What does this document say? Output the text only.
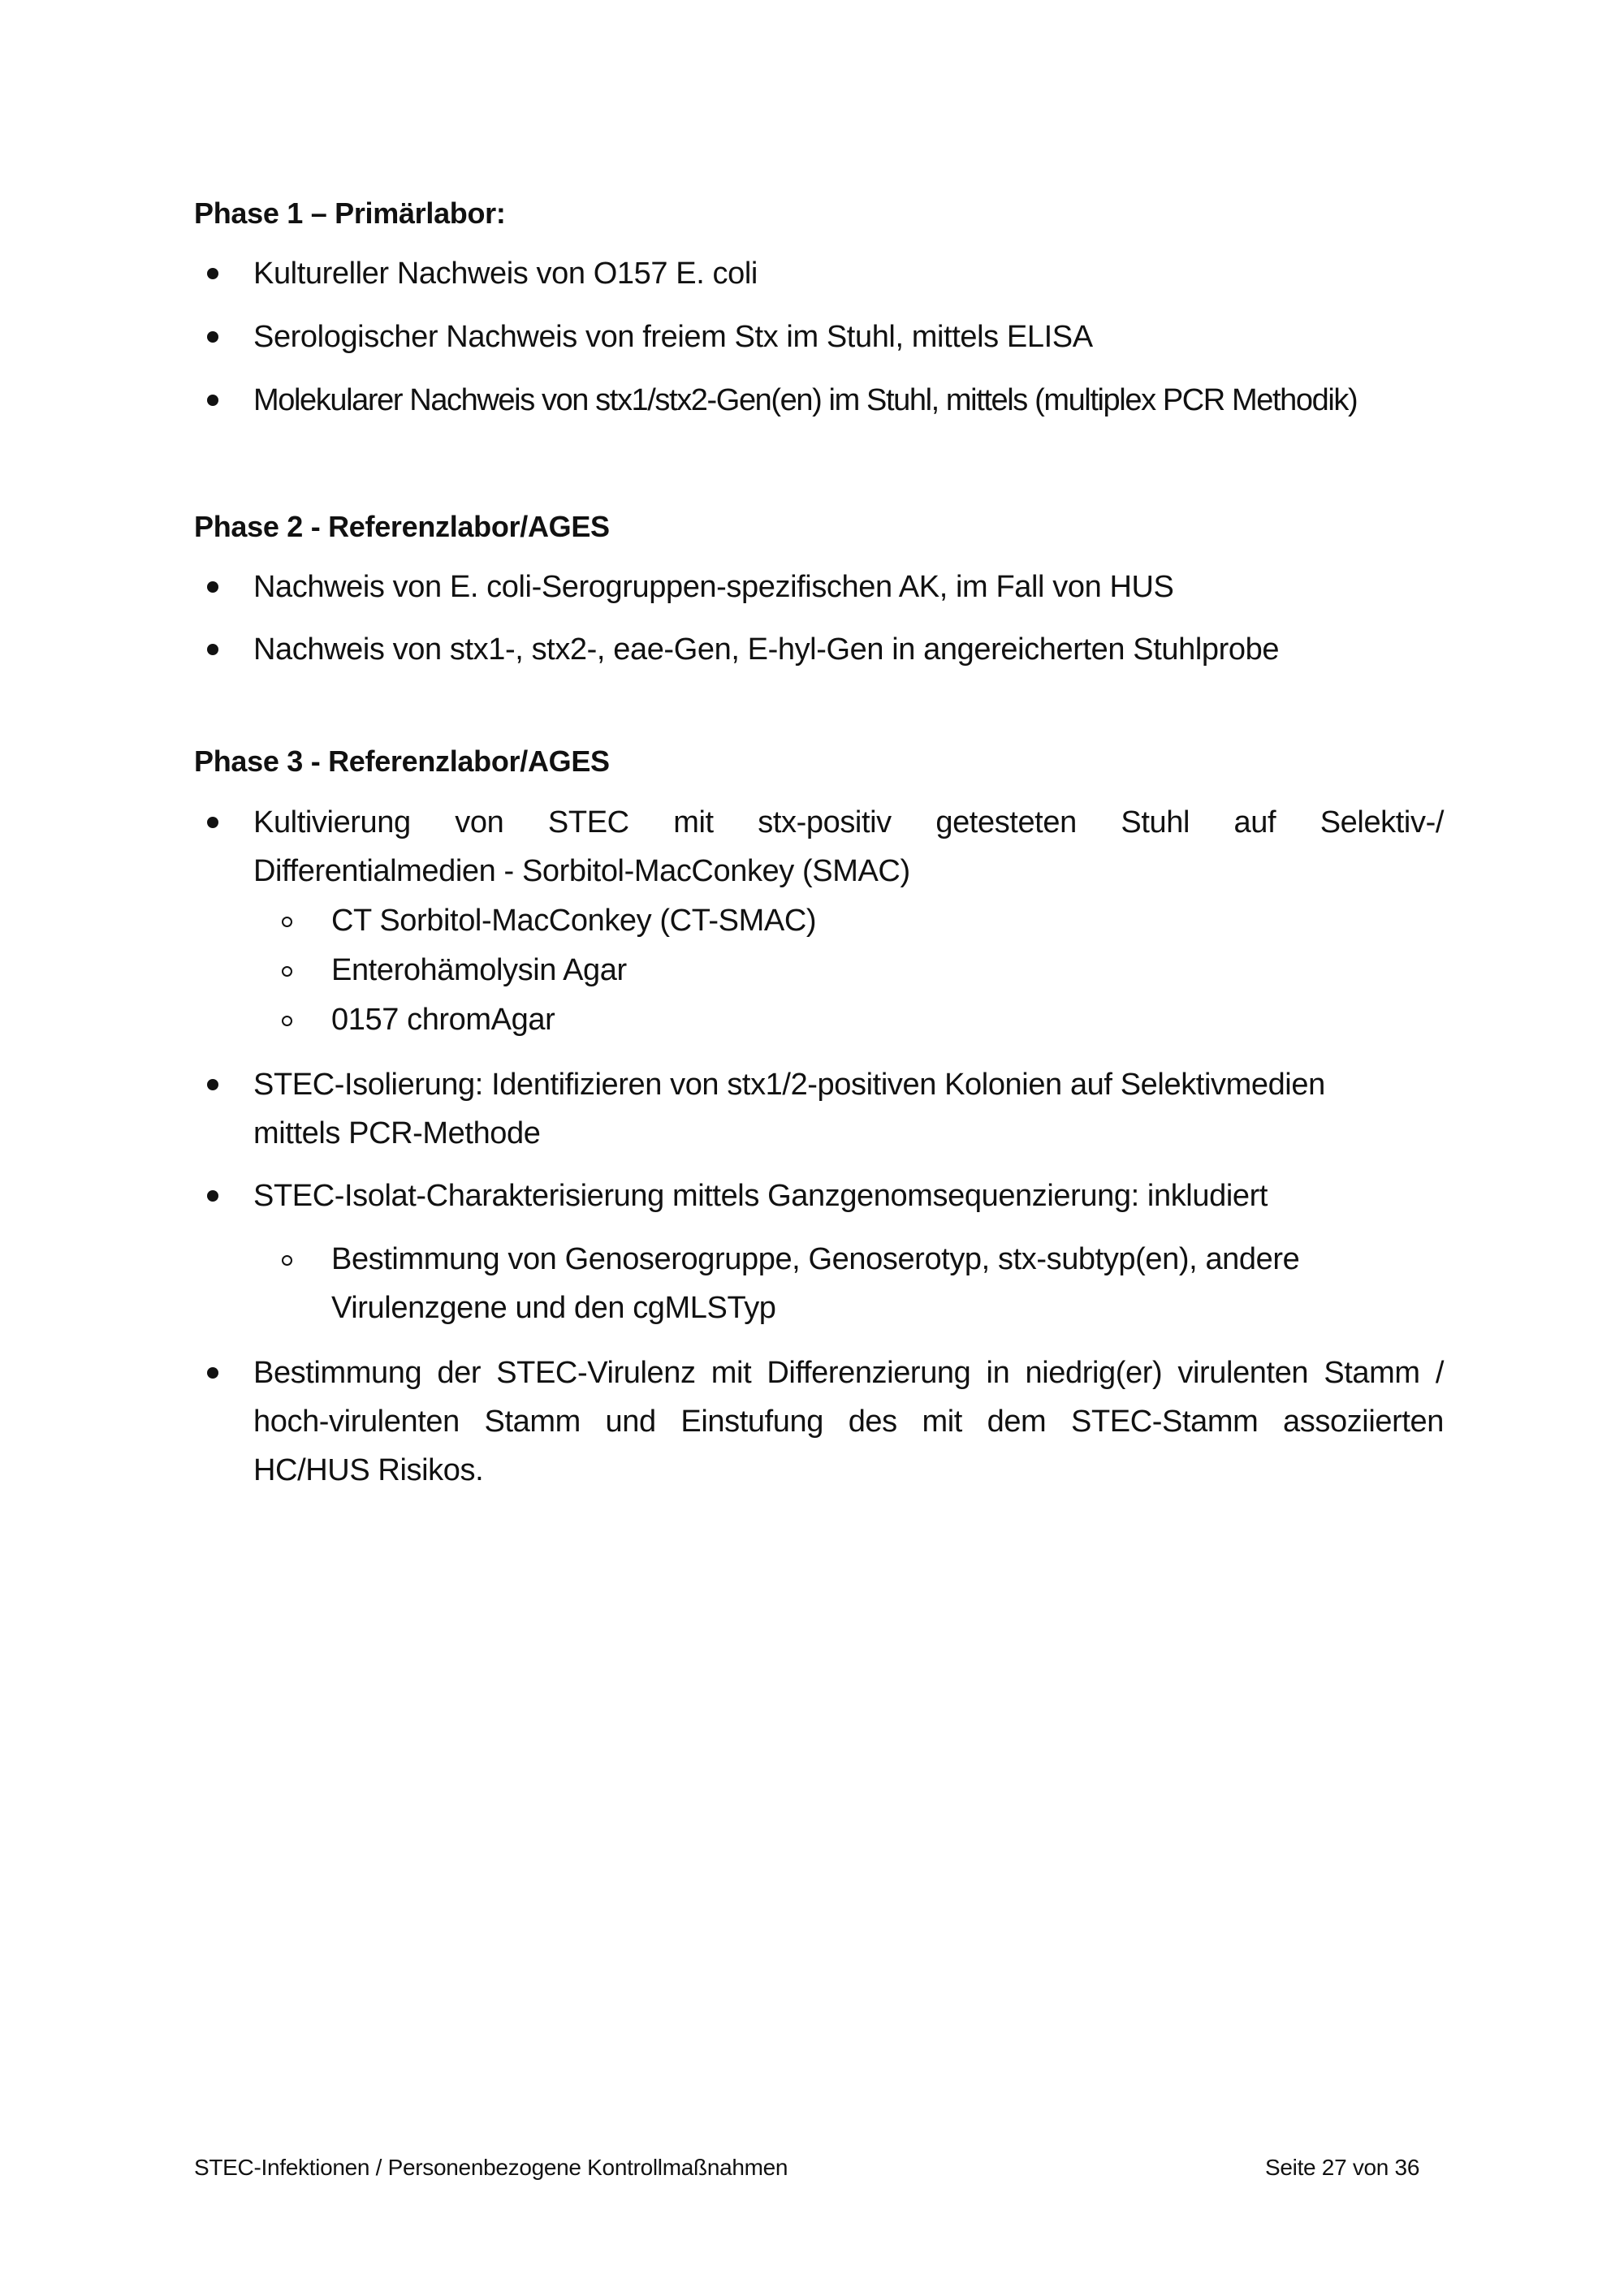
Phase 1 – Primärlabor:

Kultureller Nachweis von O157 E. coli

Serologischer Nachweis von freiem Stx im Stuhl, mittels ELISA

Molekularer Nachweis von stx1/stx2-Gen(en) im Stuhl, mittels (multiplex PCR Methodik)

Phase 2 - Referenzlabor/AGES

Nachweis von E. coli-Serogruppen-spezifischen AK, im Fall von HUS

Nachweis von stx1-, stx2-, eae-Gen, E-hyl-Gen in angereicherten Stuhlprobe

Phase 3 - Referenzlabor/AGES

Kultivierung von STEC mit stx-positiv getesteten Stuhl auf Selektiv-/

Differentialmedien - Sorbitol-MacConkey (SMAC)

CT Sorbitol-MacConkey (CT-SMAC)

Enterohämolysin Agar

0157 chromAgar

STEC-Isolierung: Identifizieren von stx1/2-positiven Kolonien auf Selektivmedien

mittels PCR-Methode

STEC-Isolat-Charakterisierung mittels Ganzgenomsequenzierung: inkludiert

Bestimmung von Genoserogruppe, Genoserotyp, stx-subtyp(en), andere

Virulenzgene und den cgMLSTyp

Bestimmung der STEC-Virulenz mit Differenzierung in niedrig(er) virulenten Stamm /

hoch-virulenten Stamm und Einstufung des mit dem STEC-Stamm assoziierten

HC/HUS Risikos.

STEC-Infektionen / Personenbezogene Kontrollmaßnahmen	Seite 27 von 36
